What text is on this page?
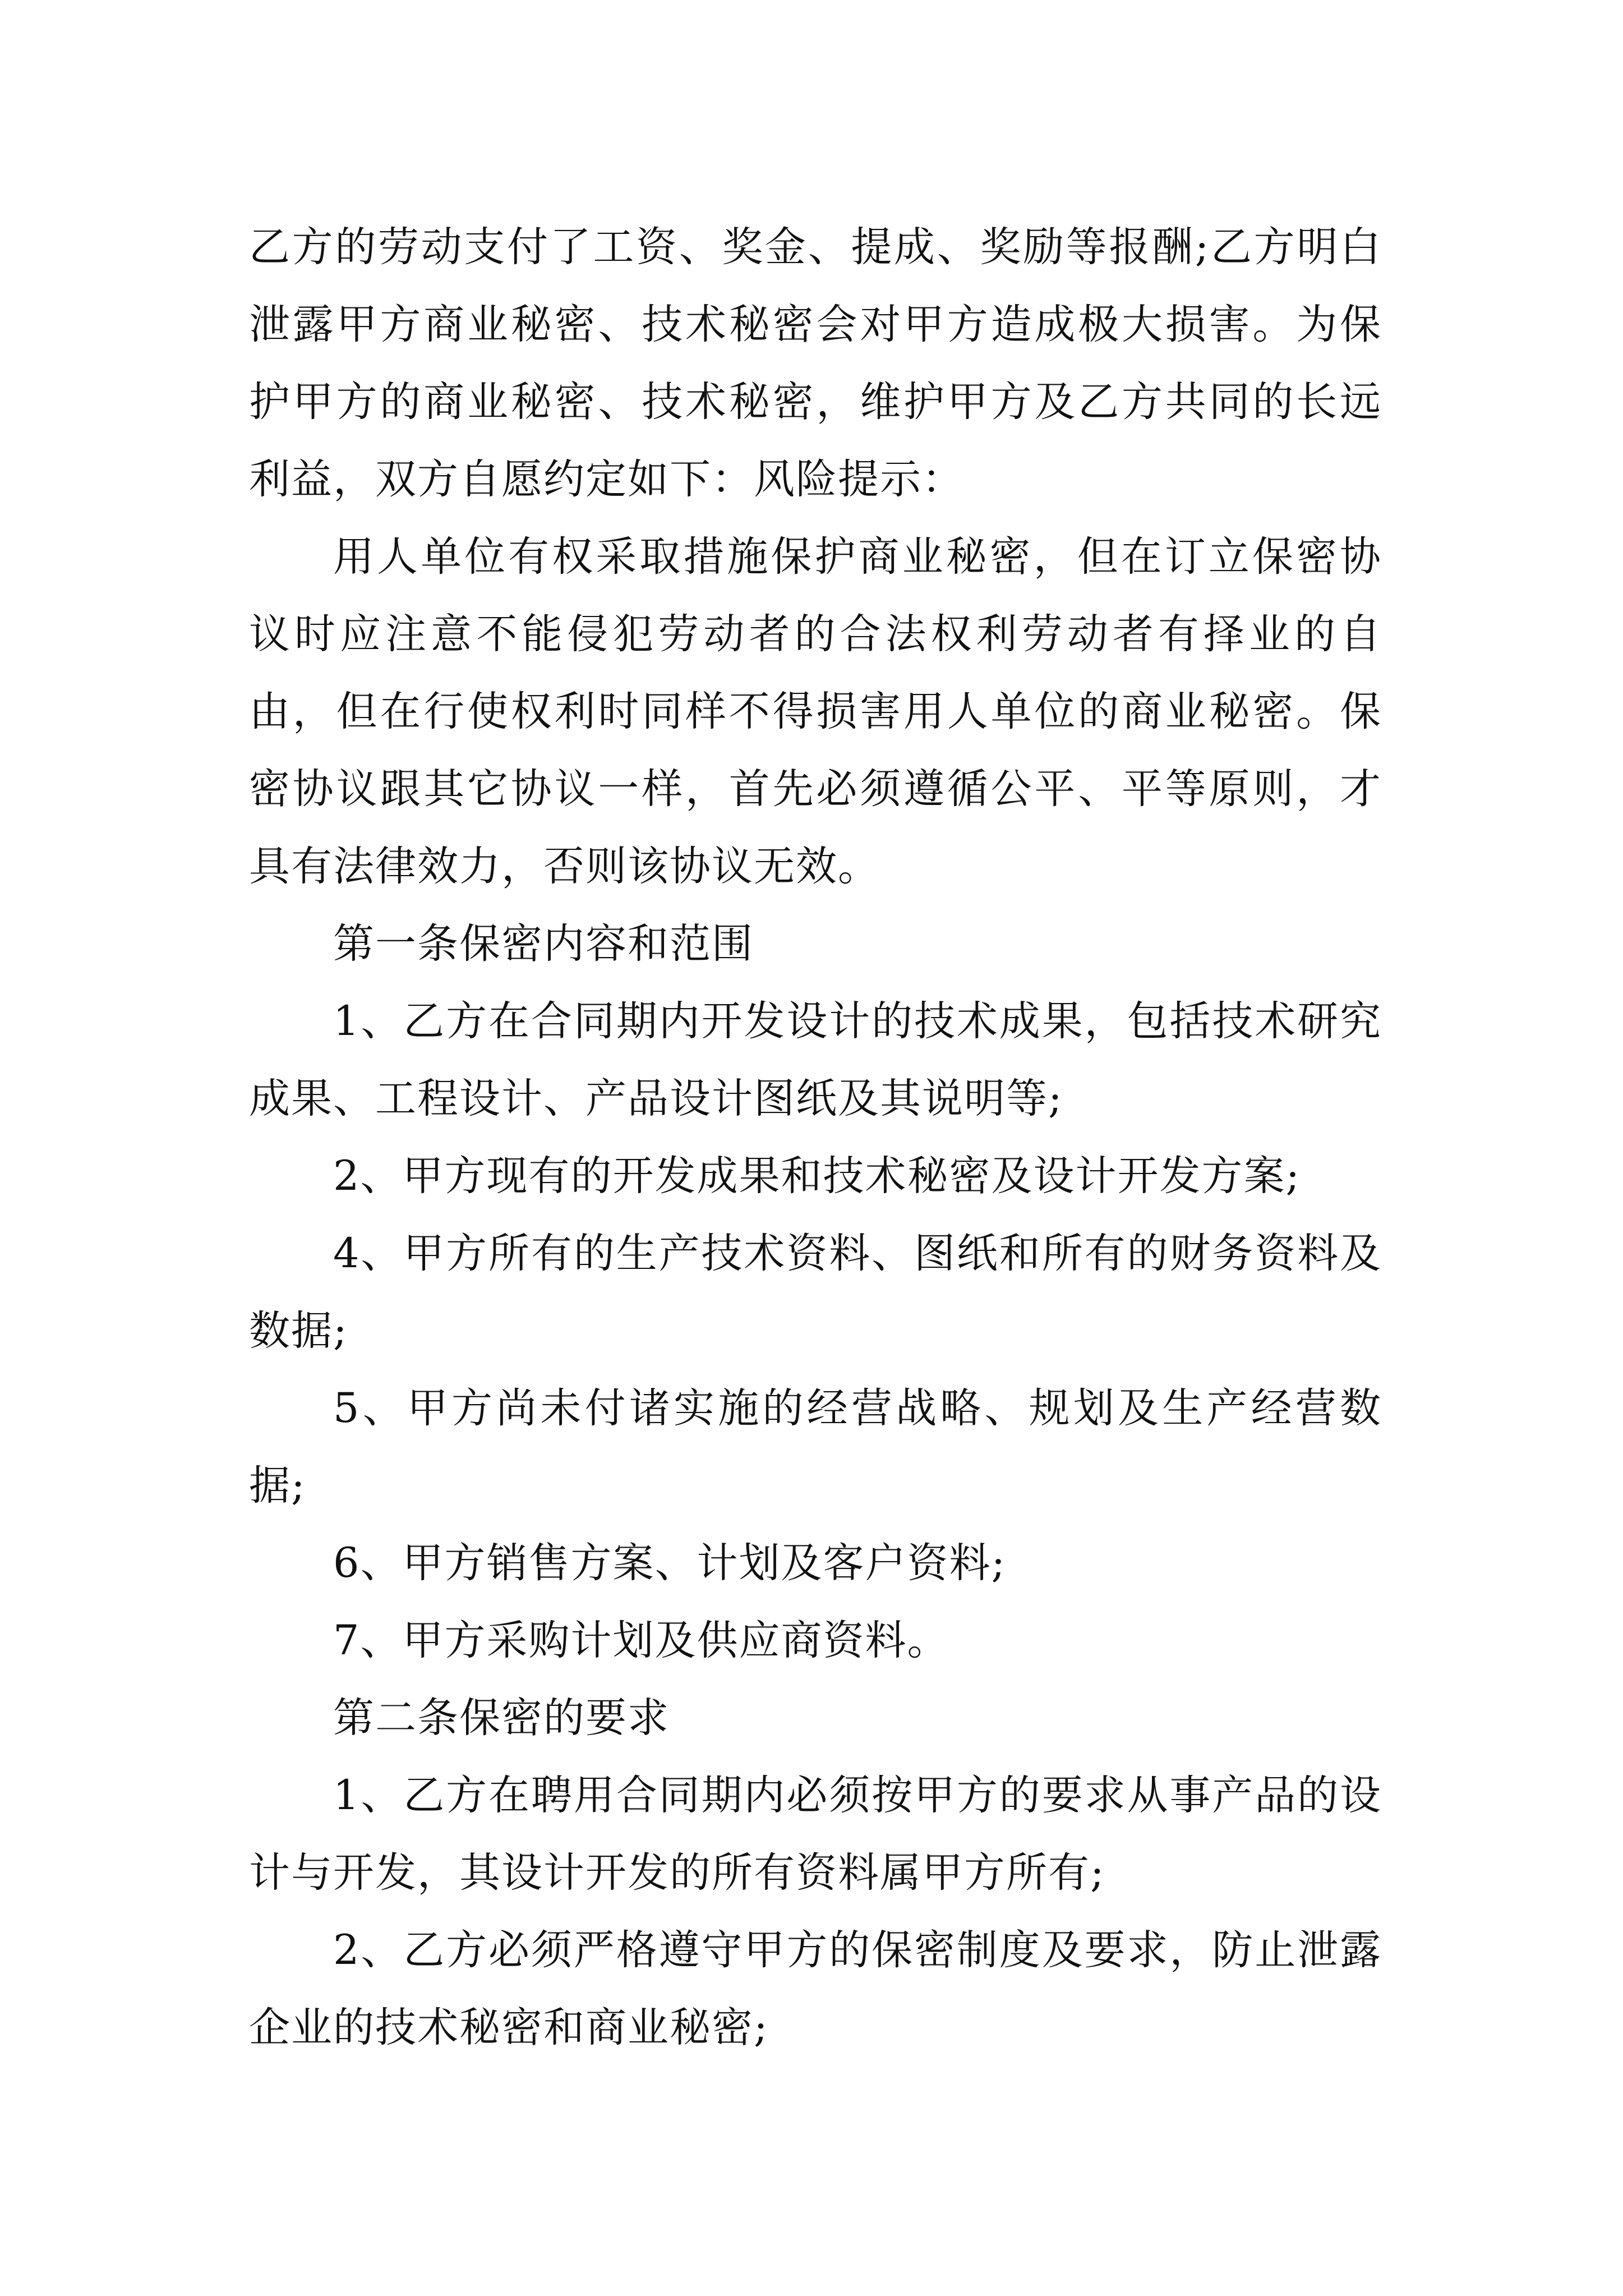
乙方的劳动支付了工资、奖金、提成、奖励等报酬;乙方明白泄露甲方商业秘密、技术秘密会对甲方造成极大损害。为保护甲方的商业秘密、技术秘密，维护甲方及乙方共同的长远利益，双方自愿约定如下：风险提示：

用人单位有权采取措施保护商业秘密，但在订立保密协议时应注意不能侵犯劳动者的合法权利劳动者有择业的自由，但在行使权利时同样不得损害用人单位的商业秘密。保密协议跟其它协议一样，首先必须遵循公平、平等原则，才具有法律效力，否则该协议无效。

第一条保密内容和范围

1、乙方在合同期内开发设计的技术成果，包括技术研究成果、工程设计、产品设计图纸及其说明等;

2、甲方现有的开发成果和技术秘密及设计开发方案;

4、甲方所有的生产技术资料、图纸和所有的财务资料及数据;

5、甲方尚未付诸实施的经营战略、规划及生产经营数据;

6、甲方销售方案、计划及客户资料;

7、甲方采购计划及供应商资料。

第二条保密的要求

1、乙方在聘用合同期内必须按甲方的要求从事产品的设计与开发，其设计开发的所有资料属甲方所有;

2、乙方必须严格遵守甲方的保密制度及要求，防止泄露企业的技术秘密和商业秘密;
